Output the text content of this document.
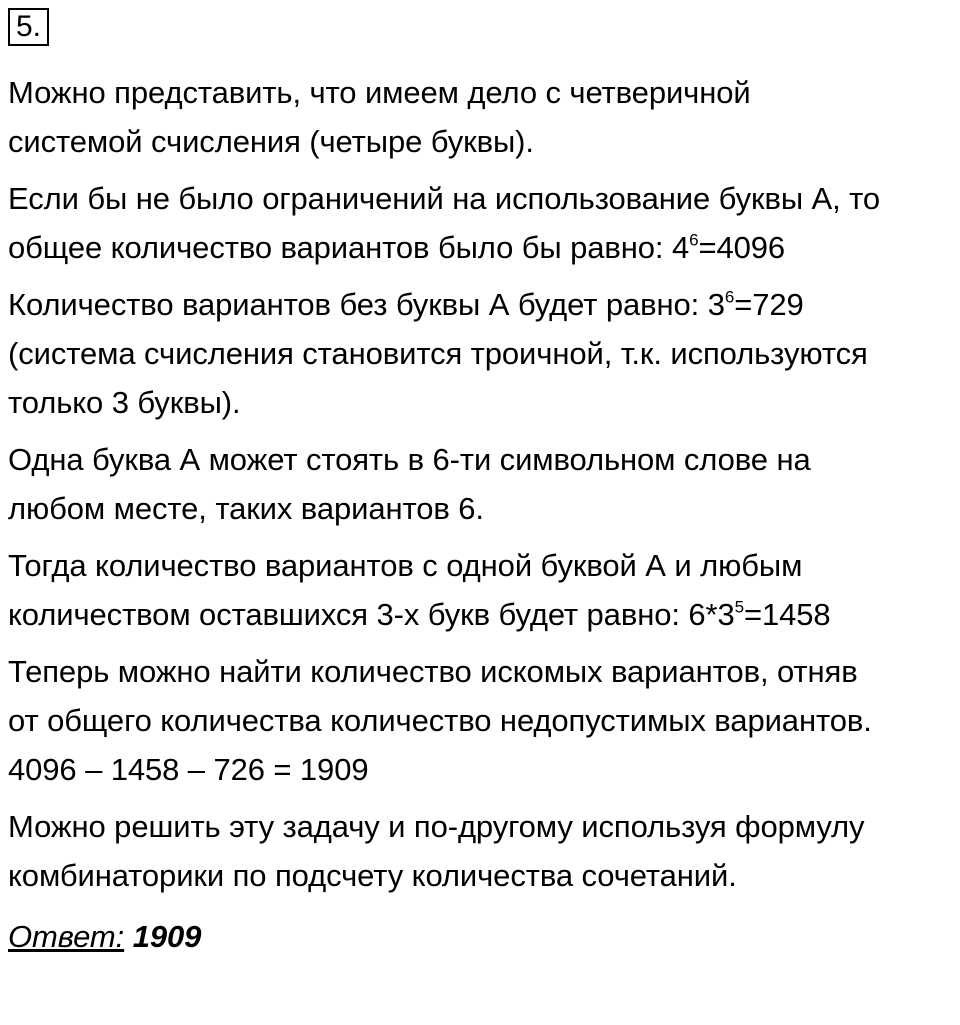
5.

Можно представить, что имеем дело с четверичной

системой счисления (четыре буквы).

Если бы не было ограничений на использование буквы А, то

общее количество вариантов было бы равно: $4^6=4096$

Количество вариантов без буквы А будет равно: $3^6=729$

(система счисления становится троичной, т.к. используются

только 3 буквы).

Одна буква А может стоять в 6-ти символьном слове на

любом месте, таких вариантов 6.

Тогда количество вариантов с одной буквой А и любым

количеством оставшихся 3-х букв будет равно: $6*3^5=1458$

Теперь можно найти количество искомых вариантов, отняв

от общего количества количество недопустимых вариантов.

4096 – 1458 – 726 = 1909

Можно решить эту задачу и по-другому используя формулу

комбинаторики по подсчету количества сочетаний.

Ответ: 1909
